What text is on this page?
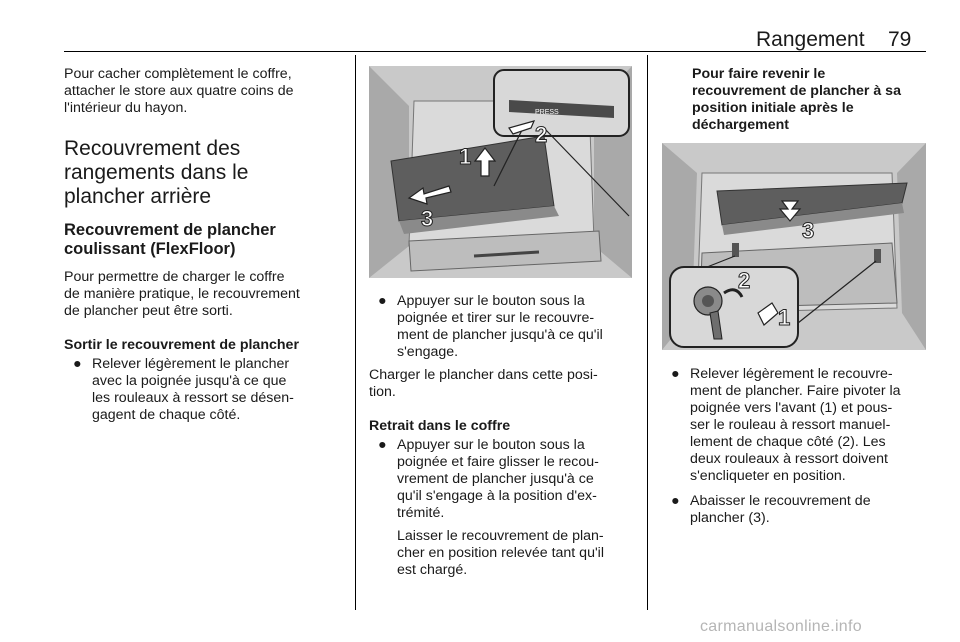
Rangement 79

Pour cacher complètement le coffre,
attacher le store aux quatre coins de
l'intérieur du hayon.

Recouvrement des
rangements dans le
plancher arrière

Recouvrement de plancher
coulissant (FlexFloor)

Pour permettre de charger le coffre
de manière pratique, le recouvrement
de plancher peut être sorti.

Sortir le recouvrement de plancher

● Relever légèrement le plancher
avec la poignée jusqu'à ce que
les rouleaux à ressort se désen-
gagent de chaque côté.

PRESS
1
2
3

● Appuyer sur le bouton sous la
poignée et tirer sur le recouvre-
ment de plancher jusqu'à ce qu'il
s'engage.

Charger le plancher dans cette posi-
tion.

Retrait dans le coffre

● Appuyer sur le bouton sous la
poignée et faire glisser le recou-
vrement de plancher jusqu'à ce
qu'il s'engage à la position d'ex-
trémité.

Laisser le recouvrement de plan-
cher en position relevée tant qu'il
est chargé.

Pour faire revenir le
recouvrement de plancher à sa
position initiale après le
déchargement

3
2
1

● Relever légèrement le recouvre-
ment de plancher. Faire pivoter la
poignée vers l'avant (1) et pous-
ser le rouleau à ressort manuel-
lement de chaque côté (2). Les
deux rouleaux à ressort doivent
s'encliqueter en position.

● Abaisser le recouvrement de
plancher (3).

carmanualsonline.info
